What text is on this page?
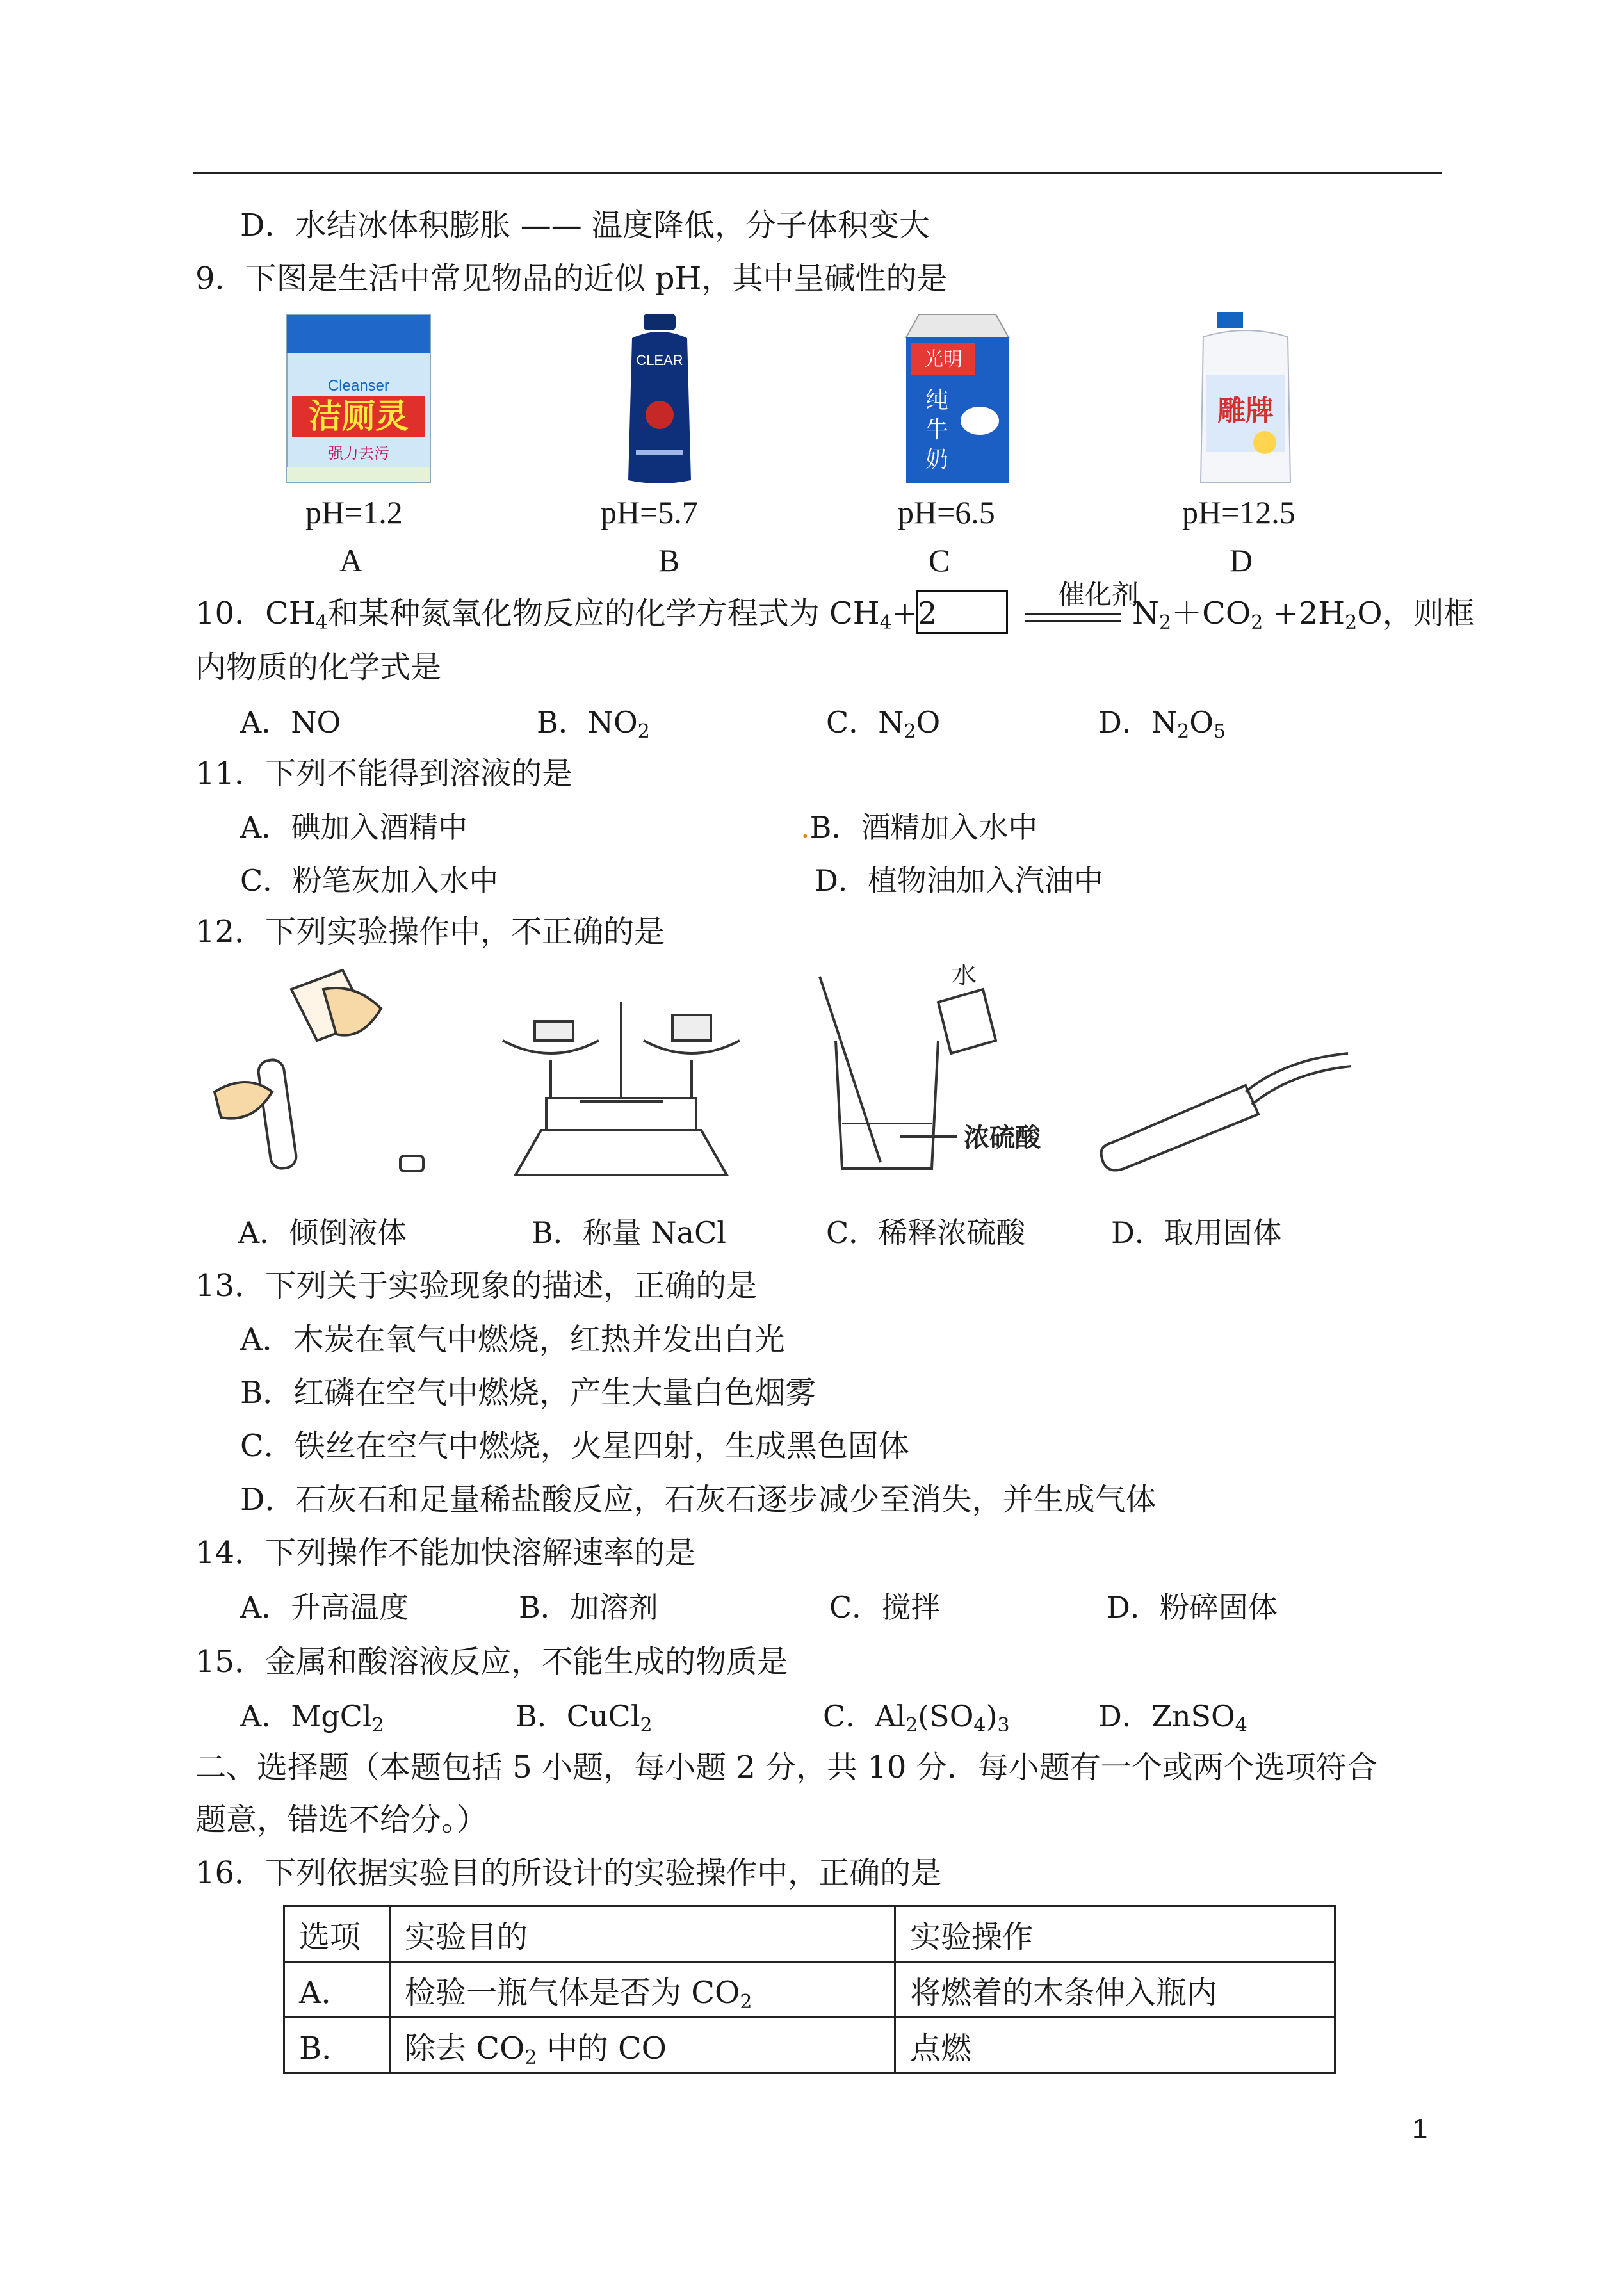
D．水结冰体积膨胀 —— 温度降低，分子体积变大
9．下图是生活中常见物品的近似 pH，其中呈碱性的是
Cleanser
洁厕灵
强力去污
CLEAR	光明
纯
牛
奶
雕牌
pH=1.2	pH=5.7	pH=6.5	pH=12.5
A	B	C	D
10．$CH_4$和某种氮氧化物反应的化学方程式为 $CH_4+2$
催化剂
$N_2+CO_2 +2H_2O$，则框
内物质的化学式是
A．NO	B．$NO_2$	C．$N_2O$	D．$N_2O_5$
11．下列不能得到溶液的是
A．碘加入酒精中	.B．酒精加入水中
C．粉笔灰加入水中	D．植物油加入汽油中
12．下列实验操作中，不正确的是
水
浓硫酸
A．倾倒液体	B．称量 NaCl	C．稀释浓硫酸	D．取用固体
13．下列关于实验现象的描述，正确的是
A．木炭在氧气中燃烧，红热并发出白光
B．红磷在空气中燃烧，产生大量白色烟雾
C．铁丝在空气中燃烧，火星四射，生成黑色固体
D．石灰石和足量稀盐酸反应，石灰石逐步减少至消失，并生成气体
14．下列操作不能加快溶解速率的是
A．升高温度	B．加溶剂	C．搅拌	D．粉碎固体
15．金属和酸溶液反应，不能生成的物质是
A．MgCl$_2$	B．CuCl$_2$	C．$Al_2(SO_4)_3$	D．ZnSO$_4$
二、选择题（本题包括 5 小题，每小题 2 分，共 10 分．每小题有一个或两个选项符合
题意，错选不给分。）
16．下列依据实验目的所设计的实验操作中，正确的是
选项	实验目的	实验操作
A．	检验一瓶气体是否为 $CO_2$	将燃着的木条伸入瓶内
B．	除去 $CO_2$ 中的 CO	点燃
1
